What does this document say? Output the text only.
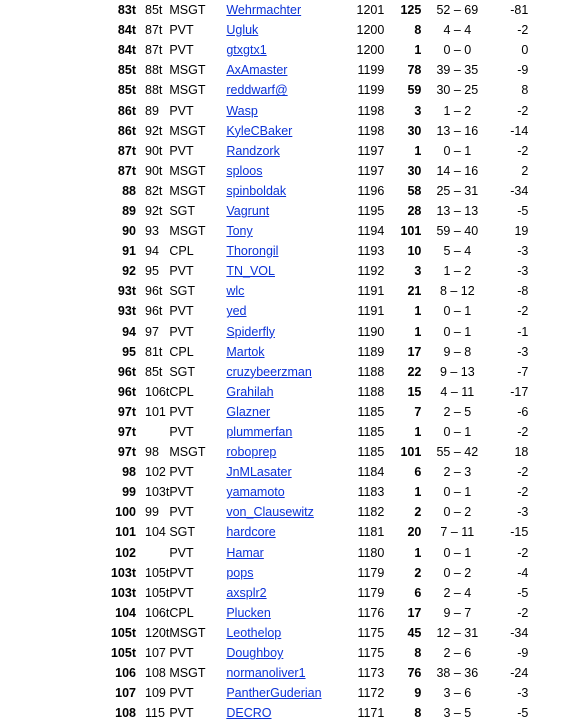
83t	85t	MSGT	Wehrmachter	1201	125	52 – 69	-81
84t	87t	PVT	Ugluk	1200	8	4 – 4	-2
84t	87t	PVT	gtxgtx1	1200	1	0 – 0	0
85t	88t	MSGT	AxAmaster	1199	78	39 – 35	-9
85t	88t	MSGT	reddwarf@	1199	59	30 – 25	8
86t	89	PVT	Wasp	1198	3	1 – 2	-2
86t	92t	MSGT	KyleCBaker	1198	30	13 – 16	-14
87t	90t	PVT	Randzork	1197	1	0 – 1	-2
87t	90t	MSGT	sploos	1197	30	14 – 16	2
88	82t	MSGT	spinboldak	1196	58	25 – 31	-34
89	92t	SGT	Vagrunt	1195	28	13 – 13	-5
90	93	MSGT	Tony	1194	101	59 – 40	19
91	94	CPL	Thorongil	1193	10	5 – 4	-3
92	95	PVT	TN_VOL	1192	3	1 – 2	-3
93t	96t	SGT	wlc	1191	21	8 – 12	-8
93t	96t	PVT	yed	1191	1	0 – 1	-2
94	97	PVT	Spiderfly	1190	1	0 – 1	-1
95	81t	CPL	Martok	1189	17	9 – 8	-3
96t	85t	SGT	cruzybeerzman	1188	22	9 – 13	-7
96t	106t	CPL	Grahilah	1188	15	4 – 11	-17
97t	101	PVT	Glazner	1185	7	2 – 5	-6
97t		PVT	plummerfan	1185	1	0 – 1	-2
97t	98	MSGT	roboprep	1185	101	55 – 42	18
98	102	PVT	JnMLasater	1184	6	2 – 3	-2
99	103t	PVT	yamamoto	1183	1	0 – 1	-2
100	99	PVT	von_Clausewitz	1182	2	0 – 2	-3
101	104	SGT	hardcore	1181	20	7 – 11	-15
102		PVT	Hamar	1180	1	0 – 1	-2
103t	105t	PVT	pops	1179	2	0 – 2	-4
103t	105t	PVT	axsplr2	1179	6	2 – 4	-5
104	106t	CPL	Plucken	1176	17	9 – 7	-2
105t	120t	MSGT	Leothelop	1175	45	12 – 31	-34
105t	107	PVT	Doughboy	1175	8	2 – 6	-9
106	108	MSGT	normanoliver1	1173	76	38 – 36	-24
107	109	PVT	PantherGuderian	1172	9	3 – 6	-3
108	115	PVT	DECRO	1171	8	3 – 5	-5
